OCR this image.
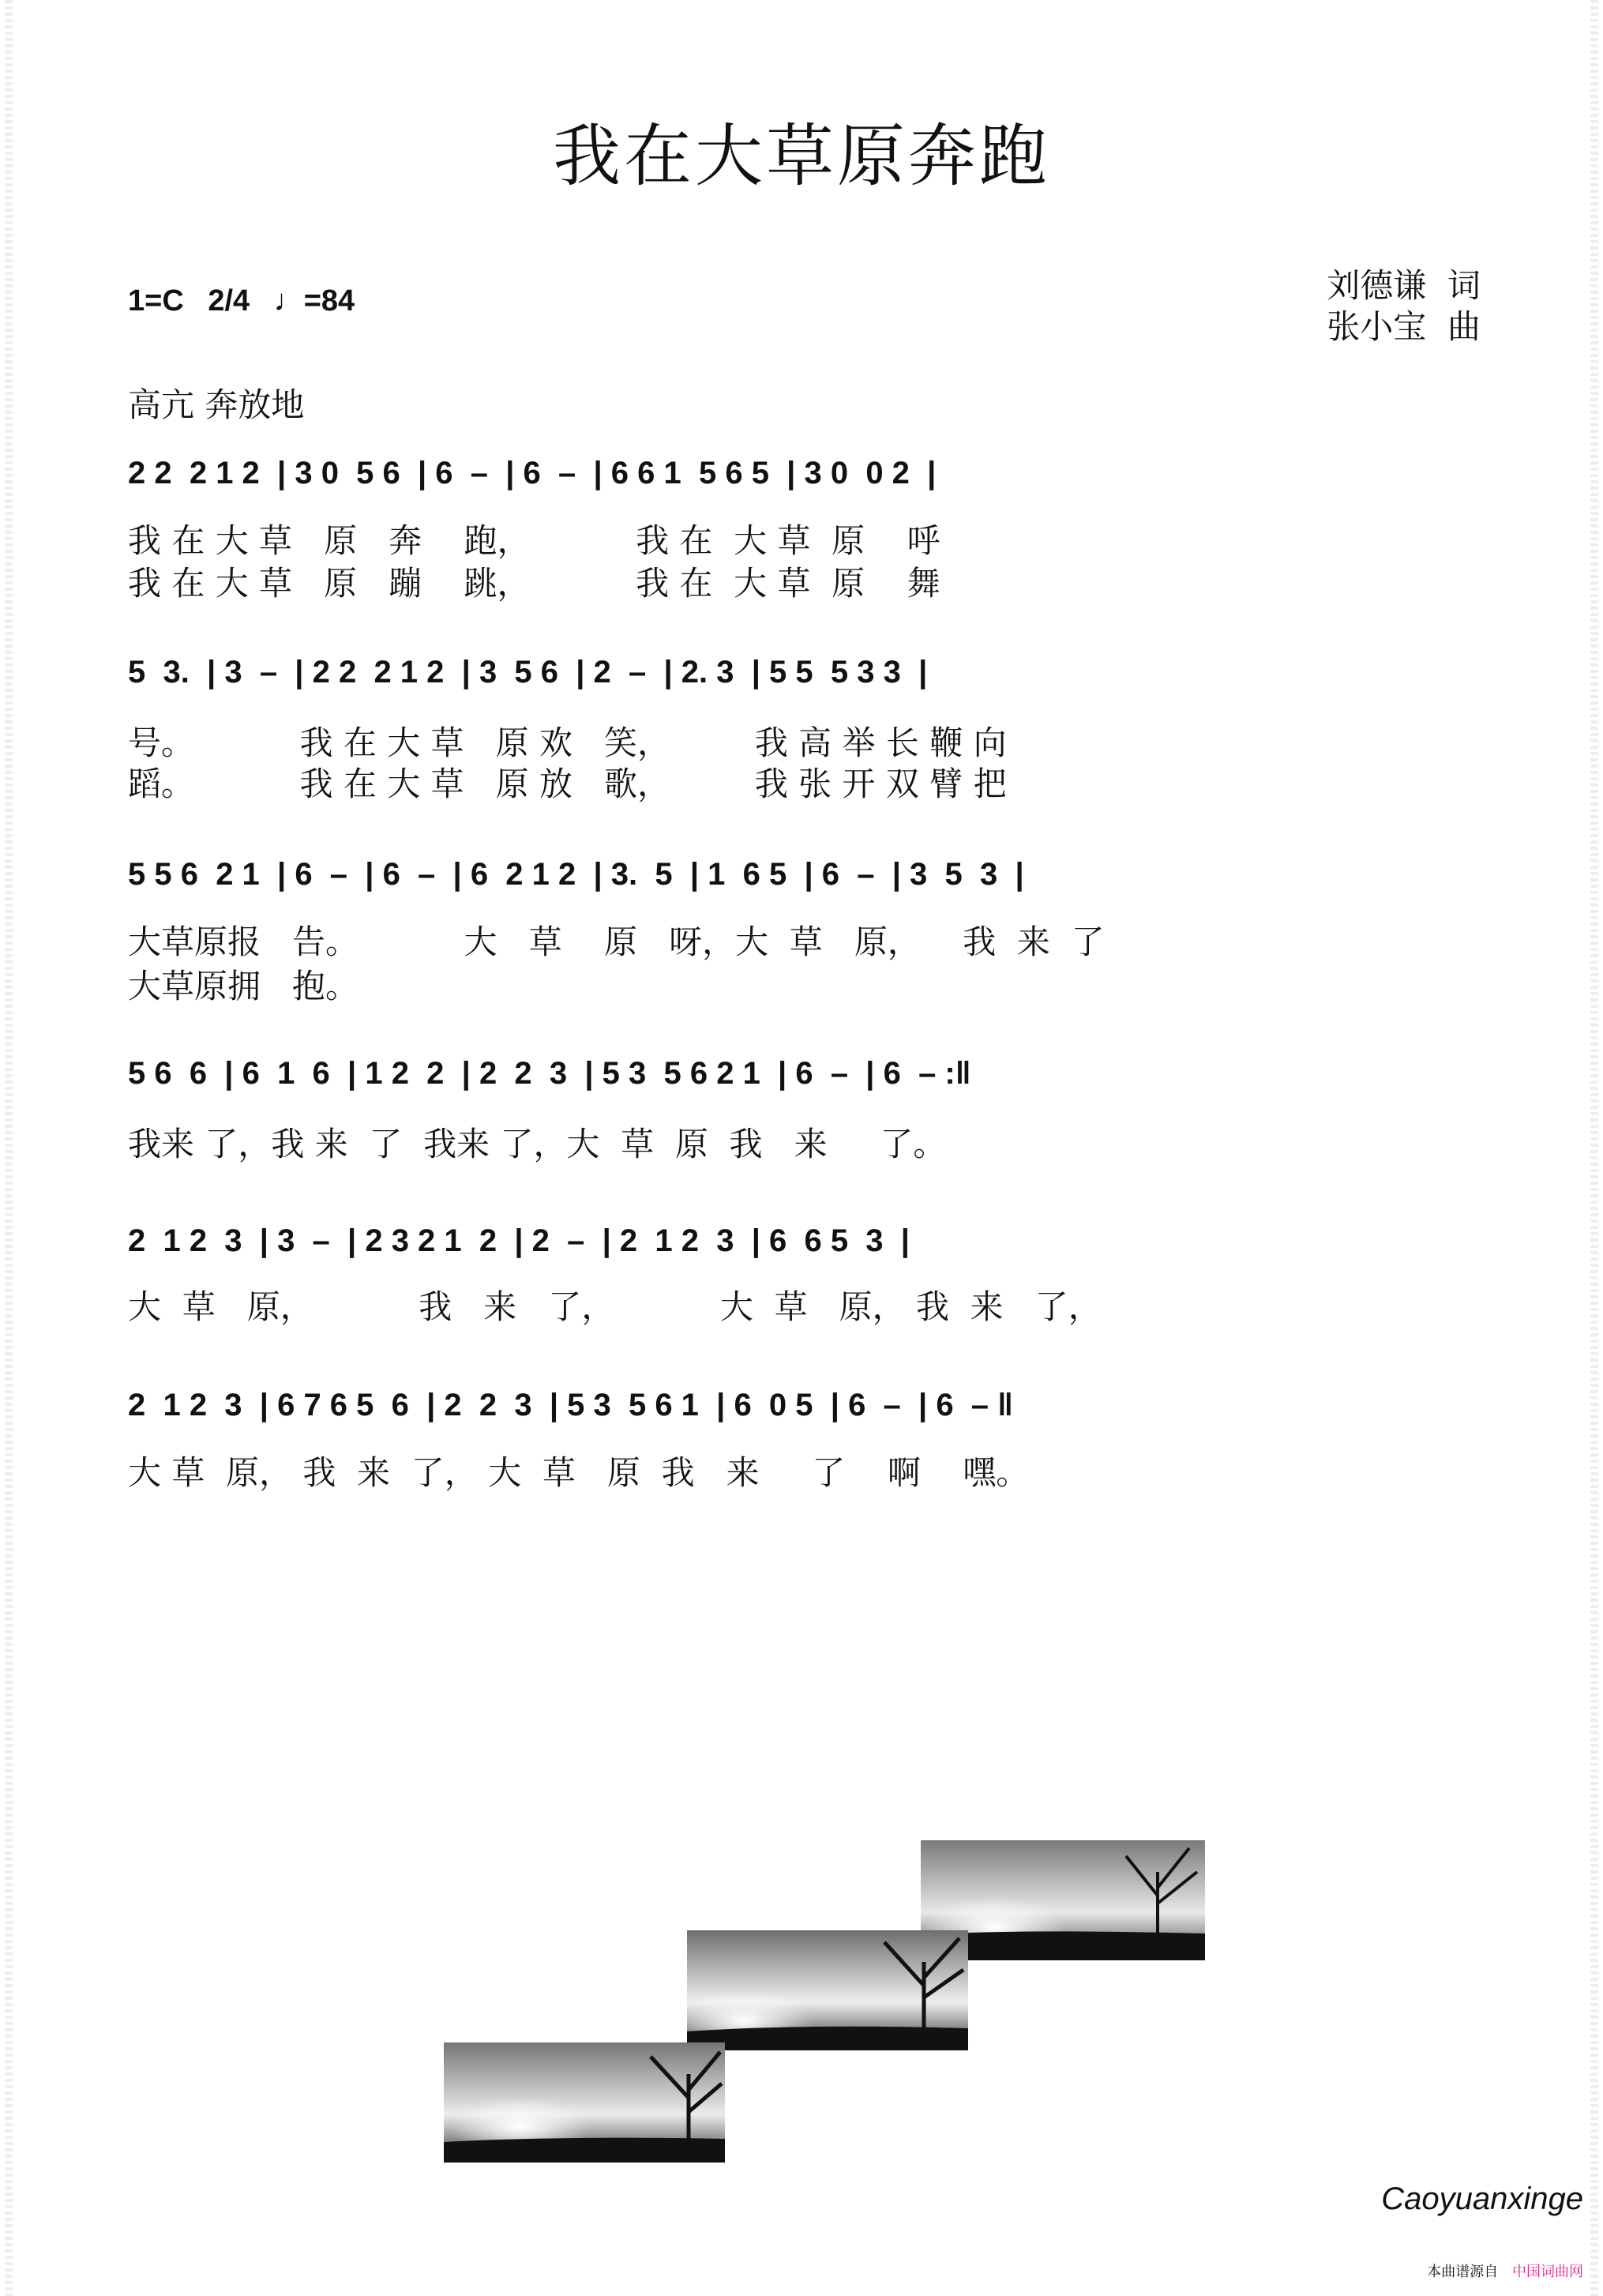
我在大草原奔跑
1=C 2/4 ♩=84	刘德谦  词
张小宝  曲
高亢 奔放地
2 2  2 1 2  | 3 0  5 6  | 6  –  | 6  –  | 6 6 1  5 6 5  | 3 0  0 2  |
我 在 大 草   原   奔    跑，          我 在  大 草  原    呼
我 在 大 草   原   蹦    跳，          我 在  大 草  原    舞
5  3.  | 3  –  | 2 2  2 1 2  | 3  5 6  | 2  –  | 2. 3  | 5 5  5 3 3  |
号。          我 在 大 草   原 欢   笑，        我 高 举 长 鞭 向
蹈。          我 在 大 草   原 放   歌，        我 张 开 双 臂 把
5 5 6  2 1  | 6  –  | 6  –  | 6  2 1 2  | 3.  5  | 1  6 5  | 6  –  | 3  5  3  |
大草原报   告。          大   草    原   呀，大  草   原，    我  来  了
大草原拥   抱。
5 6  6  | 6  1  6  | 1 2  2  | 2  2  3  | 5 3  5 6 2 1  | 6  –  | 6  – :‖
我来 了，我 来  了  我来 了，大  草  原  我   来     了。
2  1 2  3  | 3  –  | 2 3 2 1  2  | 2  –  | 2  1 2  3  | 6  6 5  3  |
大  草   原，          我   来   了，          大  草   原， 我  来   了，
2  1 2  3  | 6 7 6 5  6  | 2  2  3  | 5 3  5 6 1  | 6  0 5  | 6  –  | 6  – ‖
大 草  原， 我  来  了， 大  草   原  我   来     了    啊    嘿。
Caoyuanxinge
本曲谱源自 中国词曲网
